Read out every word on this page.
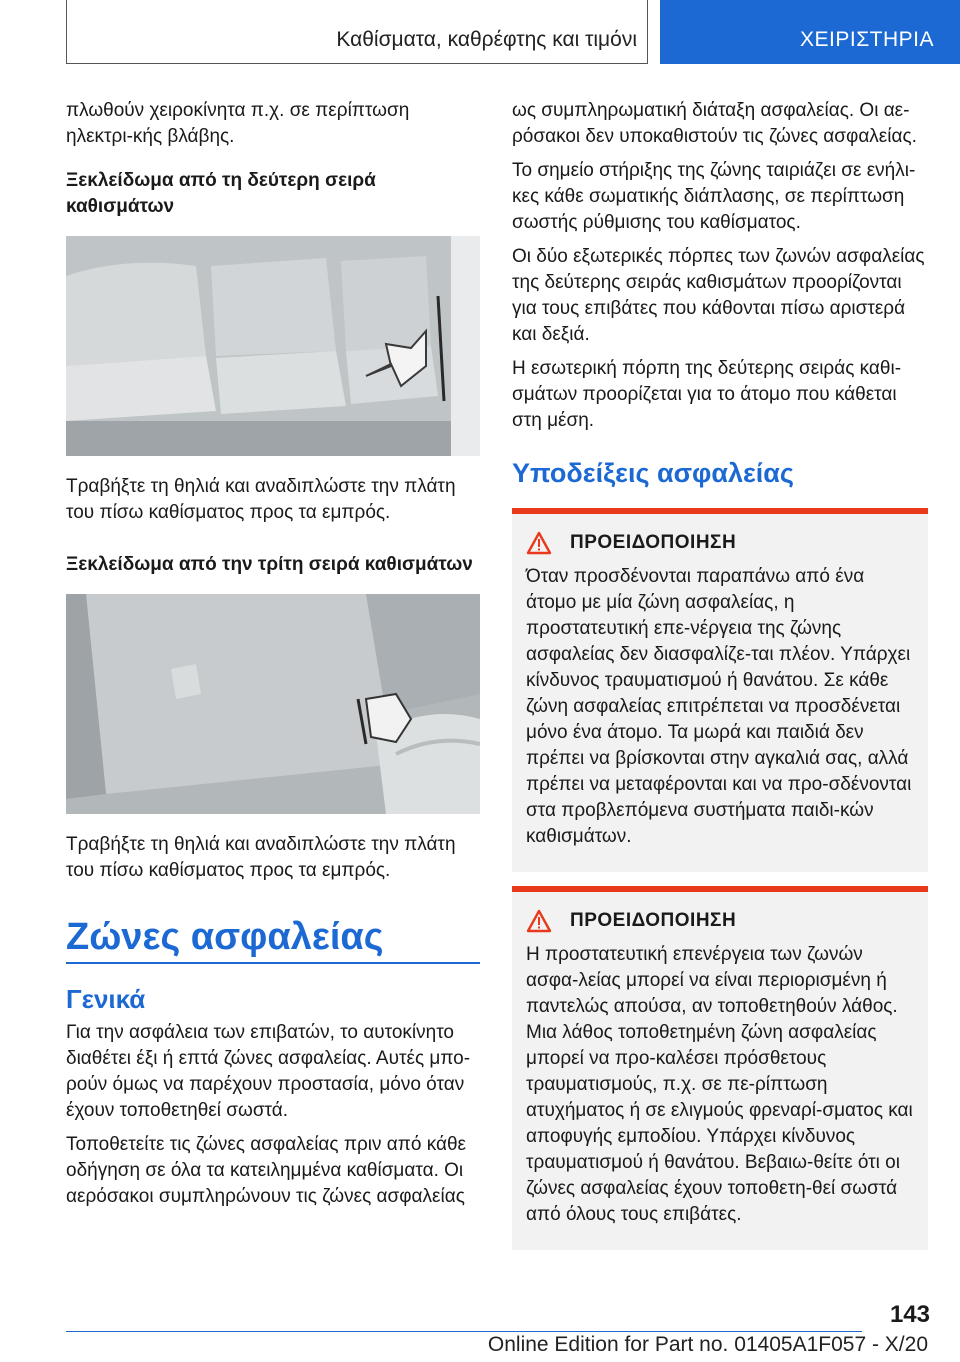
Καθίσματα, καθρέφτης και τιμόνι	ΧΕΙΡΙΣΤΗΡΙΑ

πλωθούν χειροκίνητα π.χ. σε περίπτωση ηλεκτρι-κής βλάβης.

Ξεκλείδωμα από τη δεύτερη σειρά καθισμάτων

Τραβήξτε τη θηλιά και αναδιπλώστε την πλάτη του πίσω καθίσματος προς τα εμπρός.

Ξεκλείδωμα από την τρίτη σειρά καθισμάτων

Τραβήξτε τη θηλιά και αναδιπλώστε την πλάτη του πίσω καθίσματος προς τα εμπρός.

Ζώνες ασφαλείας
Γενικά

Για την ασφάλεια των επιβατών, το αυτοκίνητο διαθέτει έξι ή επτά ζώνες ασφαλείας. Αυτές μπο-ρούν όμως να παρέχουν προστασία, μόνο όταν έχουν τοποθετηθεί σωστά.

Τοποθετείτε τις ζώνες ασφαλείας πριν από κάθε οδήγηση σε όλα τα κατειλημμένα καθίσματα. Οι αερόσακοι συμπληρώνουν τις ζώνες ασφαλείας

ως συμπληρωματική διάταξη ασφαλείας. Οι αε-ρόσακοι δεν υποκαθιστούν τις ζώνες ασφαλείας.

Το σημείο στήριξης της ζώνης ταιριάζει σε ενήλι-κες κάθε σωματικής διάπλασης, σε περίπτωση σωστής ρύθμισης του καθίσματος.

Οι δύο εξωτερικές πόρπες των ζωνών ασφαλείας της δεύτερης σειράς καθισμάτων προορίζονται για τους επιβάτες που κάθονται πίσω αριστερά και δεξιά.

Η εσωτερική πόρπη της δεύτερης σειράς καθι-σμάτων προορίζεται για το άτομο που κάθεται στη μέση.

Υποδείξεις ασφαλείας
ΠΡΟΕΙΔΟΠΟΙΗΣΗ

Όταν προσδένονται παραπάνω από ένα άτομο με μία ζώνη ασφαλείας, η προστατευτική επε-νέργεια της ζώνης ασφαλείας δεν διασφαλίζε-ται πλέον. Υπάρχει κίνδυνος τραυματισμού ή θανάτου. Σε κάθε ζώνη ασφαλείας επιτρέπεται να προσδένεται μόνο ένα άτομο. Τα μωρά και παιδιά δεν πρέπει να βρίσκονται στην αγκαλιά σας, αλλά πρέπει να μεταφέρονται και να προ-σδένονται στα προβλεπόμενα συστήματα παιδι-κών καθισμάτων.

ΠΡΟΕΙΔΟΠΟΙΗΣΗ

Η προστατευτική επενέργεια των ζωνών ασφα-λείας μπορεί να είναι περιορισμένη ή παντελώς απούσα, αν τοποθετηθούν λάθος. Μια λάθος τοποθετημένη ζώνη ασφαλείας μπορεί να προ-καλέσει πρόσθετους τραυματισμούς, π.χ. σε πε-ρίπτωση ατυχήματος ή σε ελιγμούς φρεναρί-σματος και αποφυγής εμποδίου. Υπάρχει κίνδυνος τραυματισμού ή θανάτου. Βεβαιω-θείτε ότι οι ζώνες ασφαλείας έχουν τοποθετη-θεί σωστά από όλους τους επιβάτες.

143
Online Edition for Part no. 01405A1F057 - X/20
